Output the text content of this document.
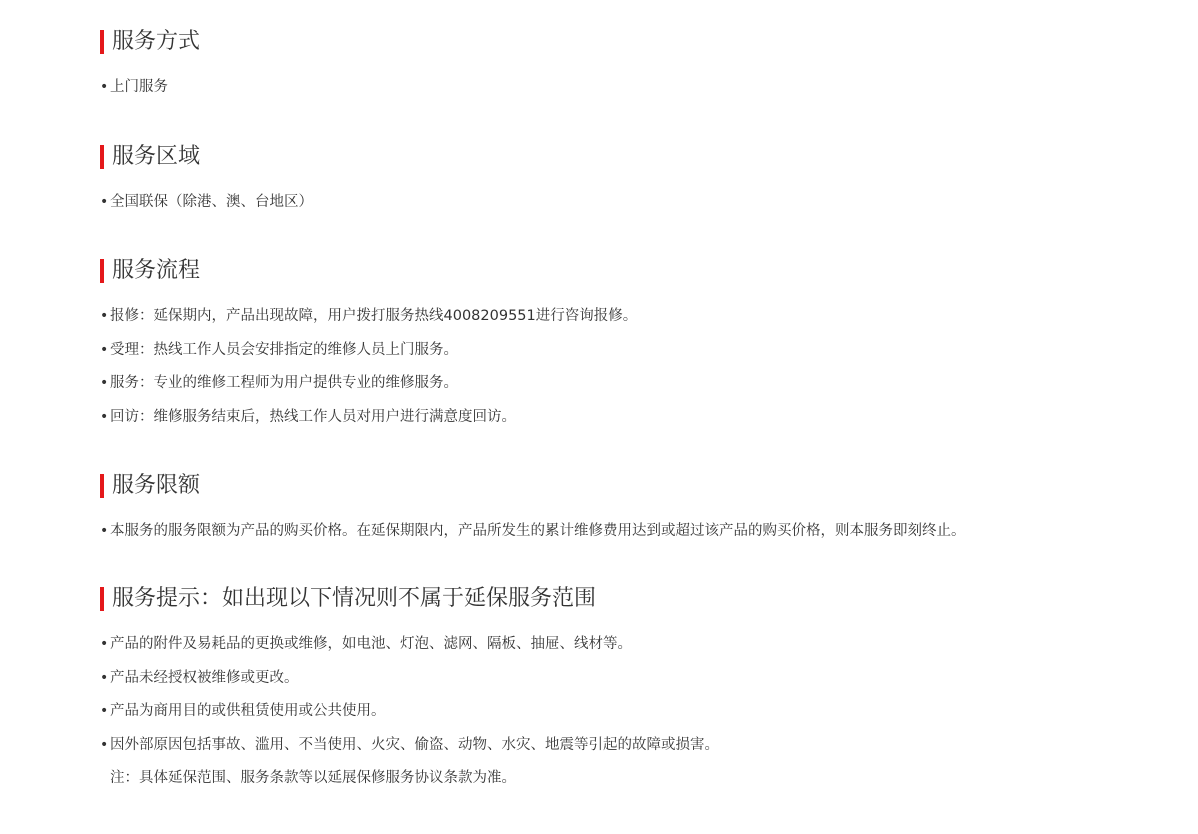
服务方式
• 上门服务
服务区域
• 全国联保（除港、澳、台地区）
服务流程
• 报修：延保期内，产品出现故障，用户拨打服务热线4008209551进行咨询报修。
• 受理：热线工作人员会安排指定的维修人员上门服务。
• 服务：专业的维修工程师为用户提供专业的维修服务。
• 回访：维修服务结束后，热线工作人员对用户进行满意度回访。
服务限额
• 本服务的服务限额为产品的购买价格。在延保期限内，产品所发生的累计维修费用达到或超过该产品的购买价格，则本服务即刻终止。
服务提示：如出现以下情况则不属于延保服务范围
• 产品的附件及易耗品的更换或维修，如电池、灯泡、滤网、隔板、抽屉、线材等。
• 产品未经授权被维修或更改。
• 产品为商用目的或供租赁使用或公共使用。
• 因外部原因包括事故、滥用、不当使用、火灾、偷盗、动物、水灾、地震等引起的故障或损害。
注：具体延保范围、服务条款等以延展保修服务协议条款为准。
